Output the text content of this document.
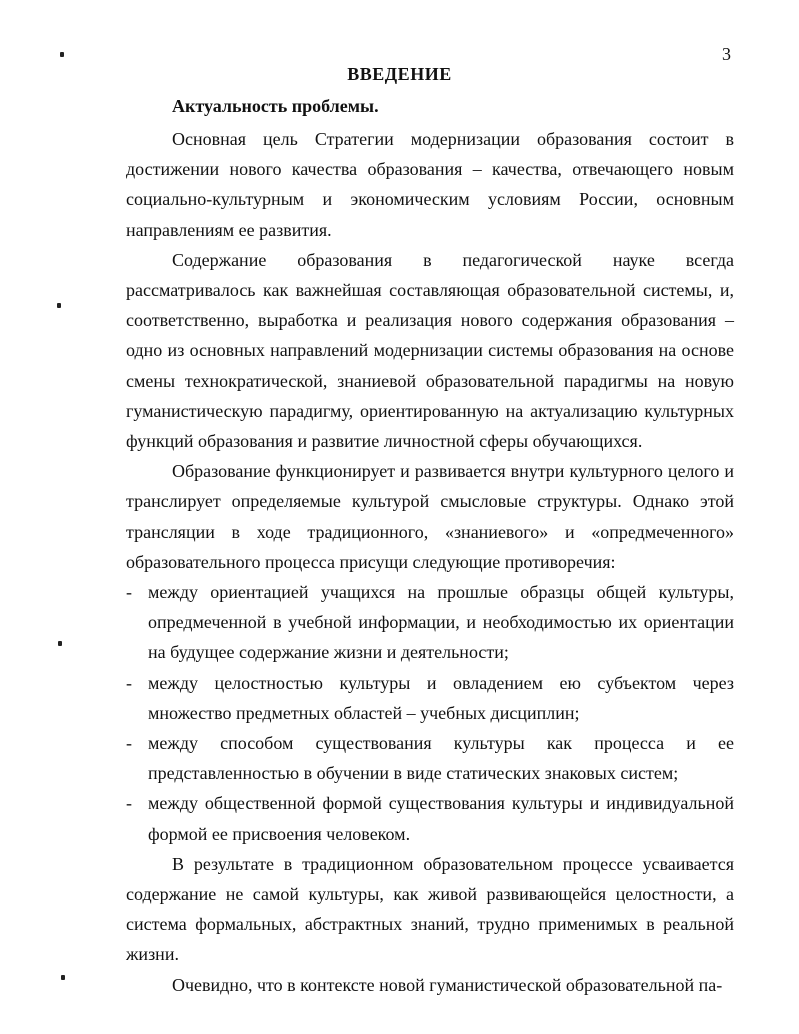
3
ВВЕДЕНИЕ
Актуальность проблемы.

Основная цель Стратегии модернизации образования состоит в достижении нового качества образования – качества, отвечающего новым социально-культурным и экономическим условиям России, основным направлениям ее развития.

Содержание образования в педагогической науке всегда рассматривалось как важнейшая составляющая образовательной системы, и, соответственно, выработка и реализация нового содержания образования – одно из основных направлений модернизации системы образования на основе смены технократической, знаниевой образовательной парадигмы на новую гуманистическую парадигму, ориентированную на актуализацию культурных функций образования и развитие личностной сферы обучающихся.

Образование функционирует и развивается внутри культурного целого и транслирует определяемые культурой смысловые структуры. Однако этой трансляции в ходе традиционного, «знаниевого» и «опредмеченного» образовательного процесса присущи следующие противоречия:

- между ориентацией учащихся на прошлые образцы общей культуры, опредмеченной в учебной информации, и необходимостью их ориентации на будущее содержание жизни и деятельности;
- между целостностью культуры и овладением ею субъектом через множество предметных областей – учебных дисциплин;
- между способом существования культуры как процесса и ее представленностью в обучении в виде статических знаковых систем;
- между общественной формой существования культуры и индивидуальной формой ее присвоения человеком.

В результате в традиционном образовательном процессе усваивается содержание не самой культуры, как живой развивающейся целостности, а система формальных, абстрактных знаний, трудно применимых в реальной жизни.

Очевидно, что в контексте новой гуманистической образовательной па-
